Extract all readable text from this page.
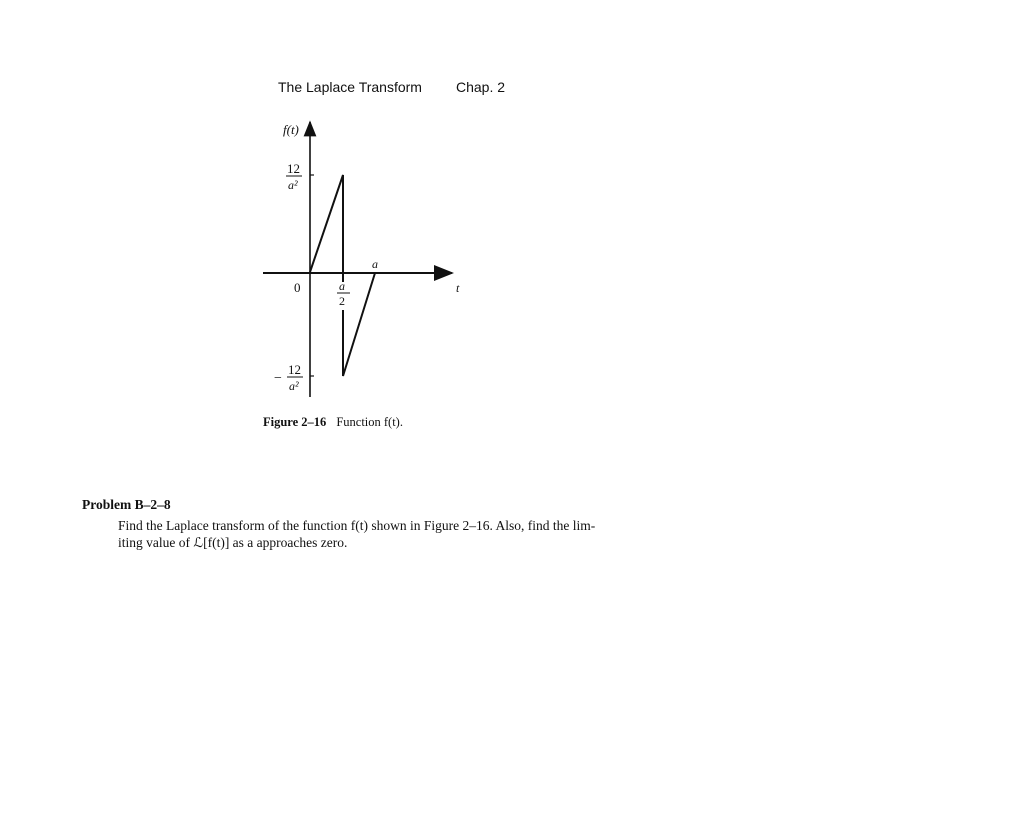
The Laplace Transform Chap. 2
f(t)
t
0
12
a²
−
12
a²
a
2
a
Figure 2–16 Function f(t).
Problem B–2–8
Find the Laplace transform of the function f(t) shown in Figure 2–16. Also, find the lim-
iting value of ℒ[f(t)] as a approaches zero.
